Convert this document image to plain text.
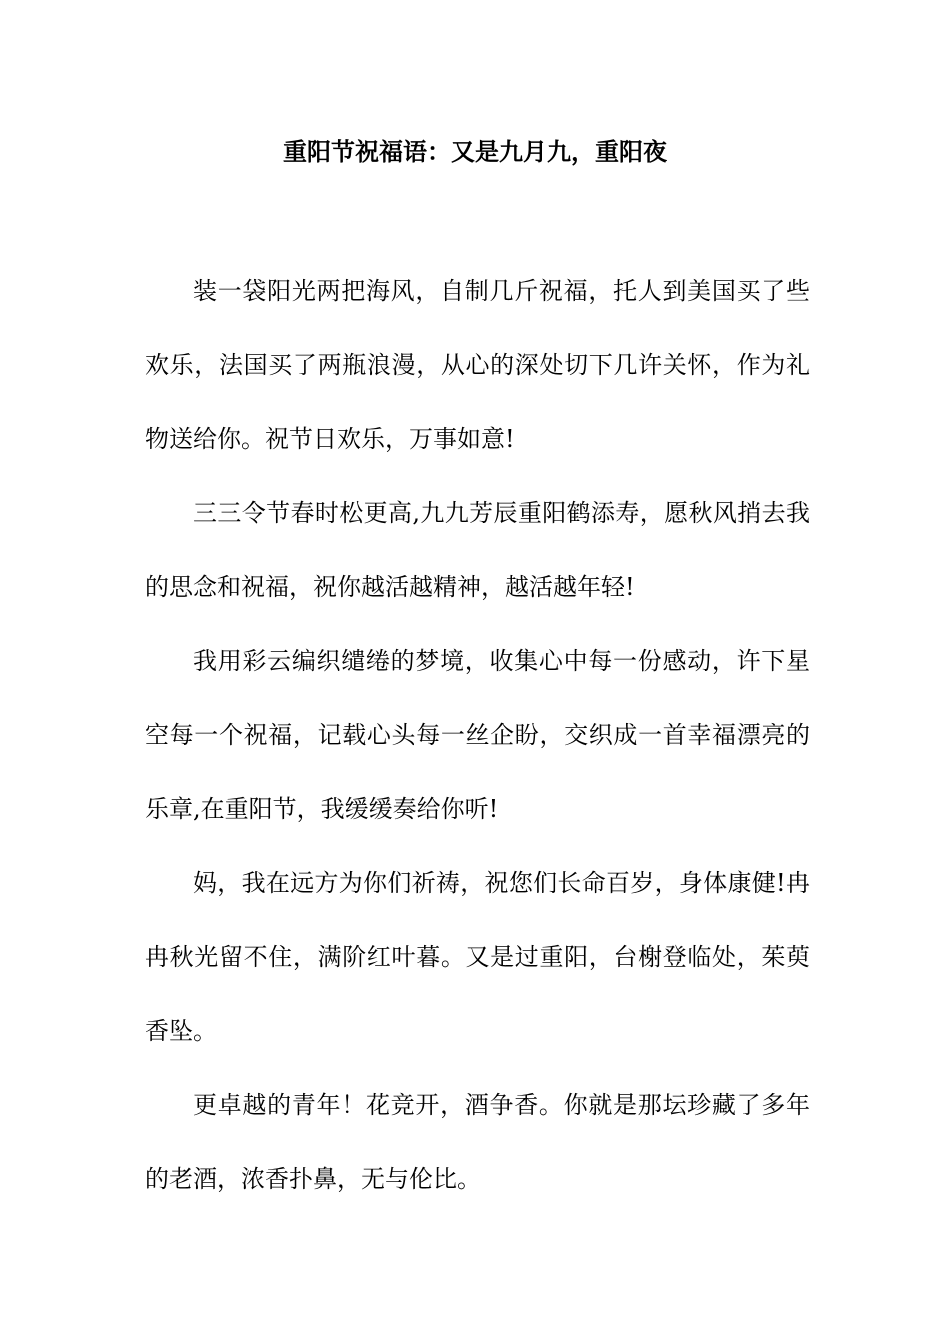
重阳节祝福语：又是九月九，重阳夜

装一袋阳光两把海风，自制几斤祝福，托人到美国买了些欢乐，法国买了两瓶浪漫，从心的深处切下几许关怀，作为礼物送给你。祝节日欢乐，万事如意!

三三令节春时松更高,九九芳辰重阳鹤添寿，愿秋风捎去我的思念和祝福，祝你越活越精神，越活越年轻!

我用彩云编织缱绻的梦境，收集心中每一份感动，许下星空每一个祝福，记载心头每一丝企盼，交织成一首幸福漂亮的乐章,在重阳节，我缓缓奏给你听!

妈，我在远方为你们祈祷，祝您们长命百岁，身体康健!冉冉秋光留不住，满阶红叶暮。又是过重阳，台榭登临处，茱萸香坠。

更卓越的青年！花竞开，酒争香。你就是那坛珍藏了多年的老酒，浓香扑鼻，无与伦比。
